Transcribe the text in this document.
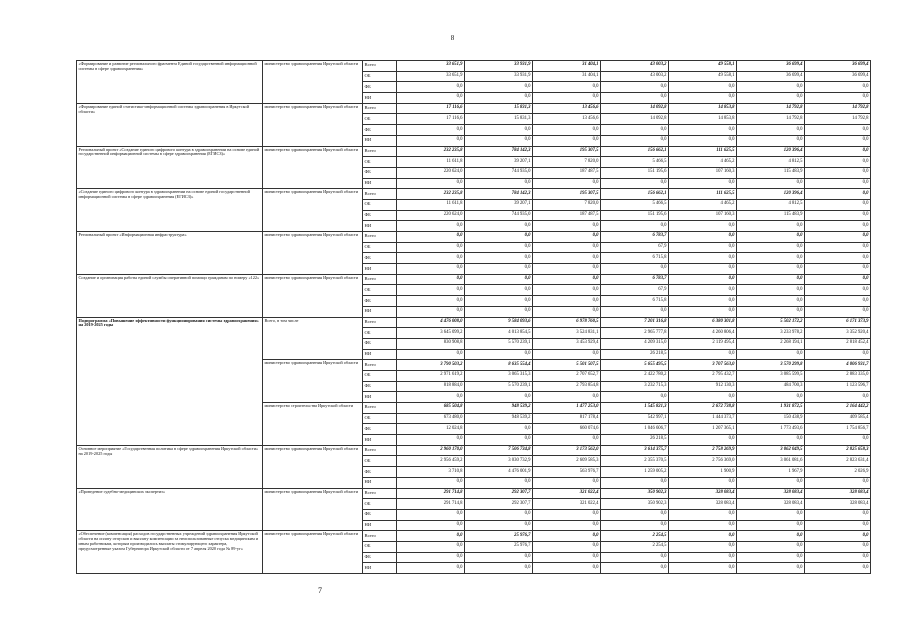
8
«Формирование и развитие регионального фрагмента Единой государственной информационной системы в сфере здравоохранения»	министерство здравоохранения Иркутской области	Всего	33 651,9	33 931,9	31 404,1	43 003,2	49 558,1	36 699,4	36 699,4
		ОБ	33 651,9	33 931,9	31 404,1	43 003,2	49 558,1	36 699,4	36 699,4
		ФБ	0,0	0,0	0,0	0,0	0,0	0,0	0,0
		НИ	0,0	0,0	0,0	0,0	0,0	0,0	0,0
«Формирование единой статистико-информационной системы здравоохранения в Иркутской области»	министерство здравоохранения Иркутской области	Всего	17 116,6	15 831,3	13 456,6	14 092,8	14 853,8	14 792,8	14 792,8
		ОБ	17 116,6	15 831,3	13 456,6	14 092,8	14 853,8	14 792,8	14 792,8
		ФБ	0,0	0,0	0,0	0,0	0,0	0,0	0,0
		НИ	0,0	0,0	0,0	0,0	0,0	0,0	0,0
Региональный проект «Создание единого цифрового контура в здравоохранении на основе единой государственной информационной системы в сфере здравоохранения (ЕГИСЗ)»	министерство здравоохранения Иркутской области	Всего	232 235,8	784 142,3	195 307,5	156 662,1	111 625,5	120 396,4	0,0
		ОБ	11 611,8	39 207,1	7 820,0	5 466,5	4 465,2	4 812,5	0,0
		ФБ	220 624,0	744 935,0	187 487,5	151 195,6	107 160,3	115 483,9	0,0
		НИ	0,0	0,0	0,0	0,0	0,0	0,0	0,0
«Создание единого цифрового контура в здравоохранении на основе единой государственной информационной системы в сфере здравоохранения (ЕГИСЗ)»	министерство здравоохранения Иркутской области	Всего	232 235,8	784 142,3	195 307,5	156 662,1	111 625,5	120 396,4	0,0
		ОБ	11 611,8	39 207,1	7 820,0	5 466,5	4 465,2	4 812,5	0,0
		ФБ	220 624,0	744 935,0	187 487,5	151 195,6	107 160,3	115 483,9	0,0
		НИ	0,0	0,0	0,0	0,0	0,0	0,0	0,0
Региональный проект «Информационная инфраструктура»	министерство здравоохранения Иркутской области	Всего	0,0	0,0	0,0	6 783,7	0,0	0,0	0,0
		ОБ	0,0	0,0	0,0	67,9	0,0	0,0	0,0
		ФБ	0,0	0,0	0,0	6 715,8	0,0	0,0	0,0
		НИ	0,0	0,0	0,0	0,0	0,0	0,0	0,0
Создание и организация работы единой службы оперативной помощи гражданам по номеру «122»	министерство здравоохранения Иркутской области	Всего	0,0	0,0	0,0	6 783,7	0,0	0,0	0,0
		ОБ	0,0	0,0	0,0	67,9	0,0	0,0	0,0
		ФБ	0,0	0,0	0,0	6 715,8	0,0	0,0	0,0
		НИ	0,0	0,0	0,0	0,0	0,0	0,0	0,0
Подпрограмма «Повышение эффективности функционирования системы здравоохранения» на 2019-2025 годы	Всего, в том числе	Всего	4 476 008,0	9 584 093,6	6 978 760,5	7 201 316,8	6 380 301,8	5 502 172,2	6 171 373,9
		ОБ	3 645 099,2	4 013 854,5	3 524 831,1	2 965 777,8	4 260 806,4	3 233 978,2	3 352 920,4
		ФБ	830 908,8	5 570 239,1	3 453 929,4	4 209 315,0	2 119 495,4	2 268 194,1	2 818 452,4
		НИ	0,0	0,0	0,0	26 218,5	0,0	0,0	0,0
	министерство здравоохранения Иркутской области	Всего	3 790 503,2	8 635 554,4	5 501 507,5	5 655 495,5	3 707 563,0	3 570 299,8	4 006 931,7
		ОБ	2 971 619,2	3 065 315,3	2 707 652,7	2 422 780,2	2 795 432,7	3 085 599,5	2 883 335,0
		ФБ	818 884,0	5 570 239,1	2 793 854,8	3 232 715,3	912 130,3	484 700,3	1 123 596,7
		НИ	0,0	0,0	0,0	0,0	0,0	0,0	0,0
	министерство строительства Иркутской области	Всего	685 504,8	948 539,2	1 477 253,0	1 545 821,3	2 672 738,8	1 931 872,5	2 164 442,2
		ОБ	673 480,0	948 539,2	817 178,4	542 997,1	1 444 373,7	150 438,9	409 585,4
		ФБ	12 024,8	0,0	660 074,6	1 046 606,7	1 207 365,1	1 773 493,6	1 754 856,7
		НИ	0,0	0,0	0,0	26 218,5	0,0	0,0	0,0
Основное мероприятие «Государственная политика в сфере здравоохранения Иркутской области» на 2019-2025 годы	министерство здравоохранения Иркутской области	Всего	2 960 170,0	7 506 734,8	3 173 562,0	3 614 375,7	2 758 269,9	3 062 049,5	2 825 658,3
		ОБ	2 956 459,2	3 030 732,9	2 609 585,3	2 355 370,5	2 756 369,0	3 061 081,6	2 823 631,4
		ФБ	3 710,8	4 476 001,9	563 976,7	1 259 005,2	1 900,9	1 967,9	2 026,9
		НИ	0,0	0,0	0,0	0,0	0,0	0,0	0,0
«Проведение судебно-медицинских экспертиз»	министерство здравоохранения Иркутской области	Всего	291 714,8	292 307,7	321 022,4	350 902,3	328 083,4	328 083,4	328 083,4
		ОБ	291 714,8	292 307,7	321 022,4	350 902,3	328 083,4	328 083,4	328 083,4
		ФБ	0,0	0,0	0,0	0,0	0,0	0,0	0,0
		НИ	0,0	0,0	0,0	0,0	0,0	0,0	0,0
«Обеспечение (компенсация) расходов государственных учреждений здравоохранения Иркутской области на оплату отпусков и выплату компенсации за неиспользованные отпуска медицинским и иным работникам, которым производились выплаты стимулирующего характера, предусмотренные указом Губернатора Иркутской области от 7 апреля 2020 года № 89-уг»	министерство здравоохранения Иркутской области	Всего	0,0	25 976,7	0,0	2 254,5	0,0	0,0	0,0
		ОБ	0,0	25 976,7	0,0	2 254,5	0,0	0,0	0,0
		ФБ	0,0	0,0	0,0	0,0	0,0	0,0	0,0
		НИ	0,0	0,0	0,0	0,0	0,0	0,0	0,0
7
